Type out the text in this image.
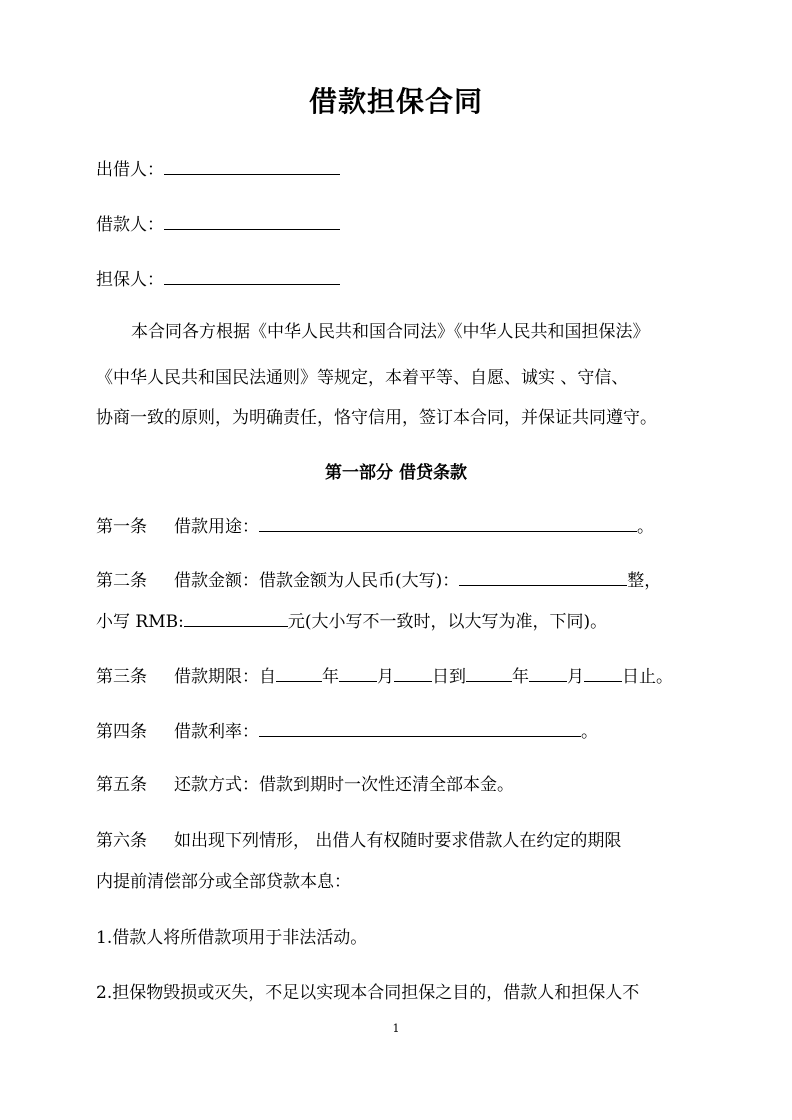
借款担保合同
出借人：
借款人：
担保人：
本合同各方根据《中华人民共和国合同法》《中华人民共和国担保法》
《中华人民共和国民法通则》等规定，本着平等、自愿、诚实 、守信、
协商一致的原则，为明确责任，恪守信用，签订本合同，并保证共同遵守。
第一部分 借贷条款
第一条 借款用途：	。
第二条 借款金额：借款金额为人民币(大写)：	整，
小写 RMB:	元(大小写不一致时，以大写为准，下同)。
第三条 借款期限：自	年 月 日到	年 月 日止。
第四条 借款利率：	。
第五条 还款方式：借款到期时一次性还清全部本金。
第六条 如出现下列情形， 出借人有权随时要求借款人在约定的期限
内提前清偿部分或全部贷款本息：
1.借款人将所借款项用于非法活动。
2.担保物毁损或灭失，不足以实现本合同担保之目的，借款人和担保人不
1
